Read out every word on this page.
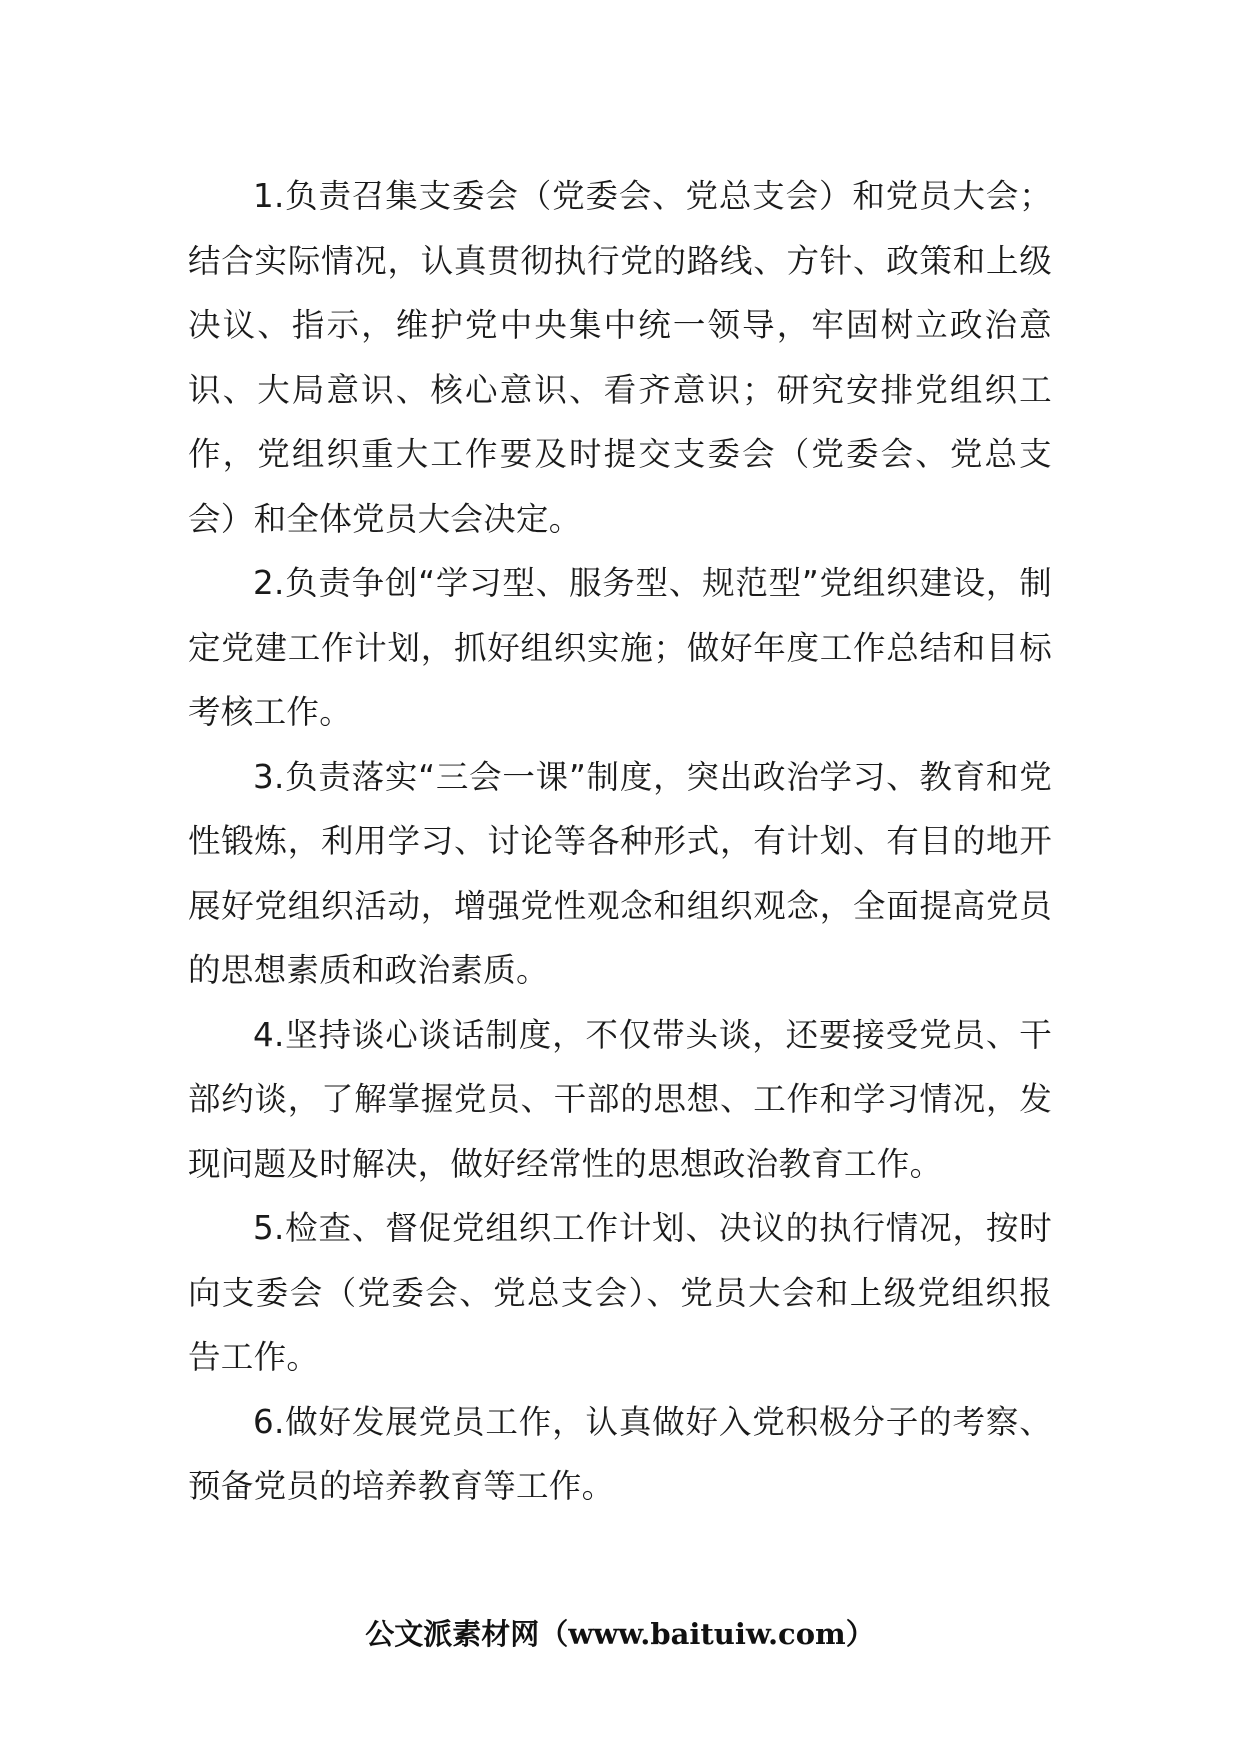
1.负责召集支委会（党委会、党总支会）和党员大会；结合实际情况，认真贯彻执行党的路线、方针、政策和上级决议、指示，维护党中央集中统一领导，牢固树立政治意识、大局意识、核心意识、看齐意识；研究安排党组织工作，党组织重大工作要及时提交支委会（党委会、党总支会）和全体党员大会决定。

2.负责争创“学习型、服务型、规范型”党组织建设，制定党建工作计划，抓好组织实施；做好年度工作总结和目标考核工作。

3.负责落实“三会一课”制度，突出政治学习、教育和党性锻炼，利用学习、讨论等各种形式，有计划、有目的地开展好党组织活动，增强党性观念和组织观念，全面提高党员的思想素质和政治素质。

4.坚持谈心谈话制度，不仅带头谈，还要接受党员、干部约谈，了解掌握党员、干部的思想、工作和学习情况，发现问题及时解决，做好经常性的思想政治教育工作。

5.检查、督促党组织工作计划、决议的执行情况，按时向支委会（党委会、党总支会）、党员大会和上级党组织报告工作。

6.做好发展党员工作，认真做好入党积极分子的考察、预备党员的培养教育等工作。

公文派素材网（www.baituiw.com）
